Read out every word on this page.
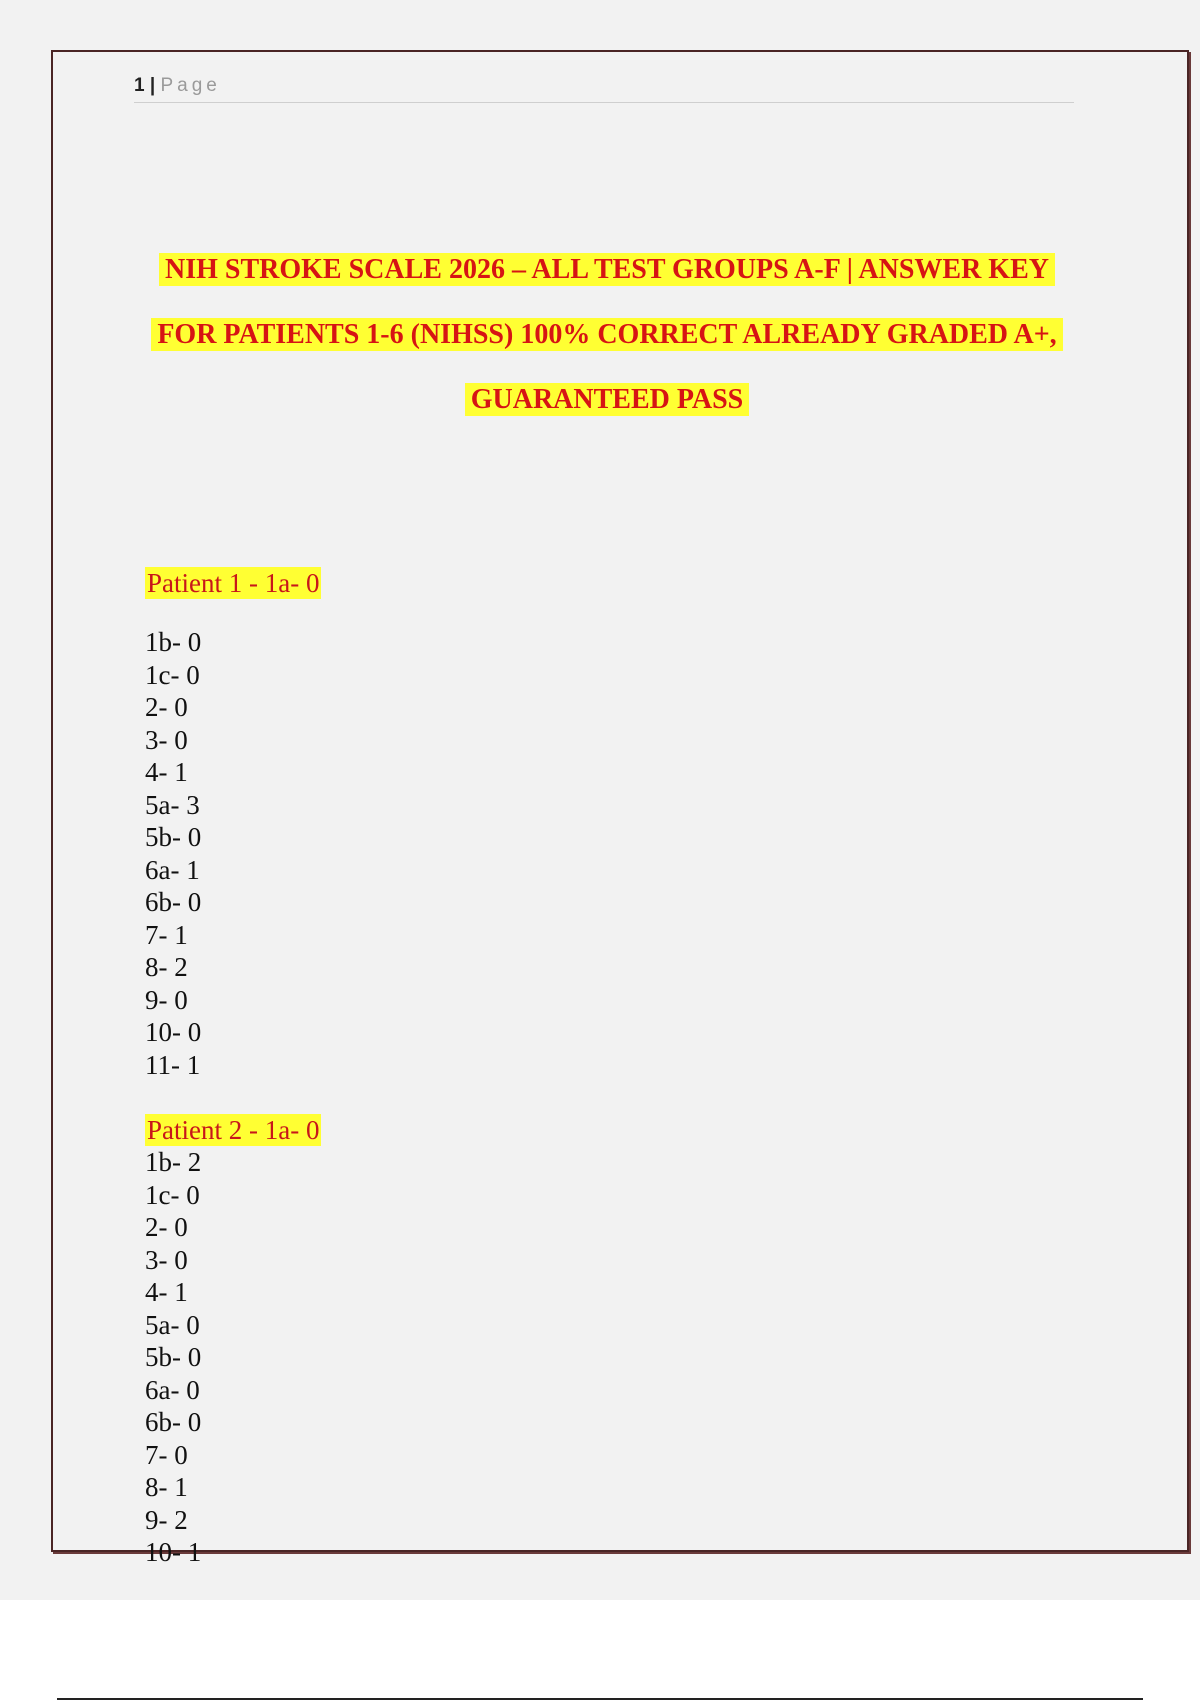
1 | Page
NIH STROKE SCALE 2026 – ALL TEST GROUPS A-F | ANSWER KEY
FOR PATIENTS 1-6 (NIHSS) 100% CORRECT ALREADY GRADED A+,
GUARANTEED PASS
Patient 1 - 1a- 0
1b- 0
1c- 0
2- 0
3- 0
4- 1
5a- 3
5b- 0
6a- 1
6b- 0
7- 1
8- 2
9- 0
10- 0
11- 1
Patient 2 - 1a- 0
1b- 2
1c- 0
2- 0
3- 0
4- 1
5a- 0
5b- 0
6a- 0
6b- 0
7- 0
8- 1
9- 2
10- 1
